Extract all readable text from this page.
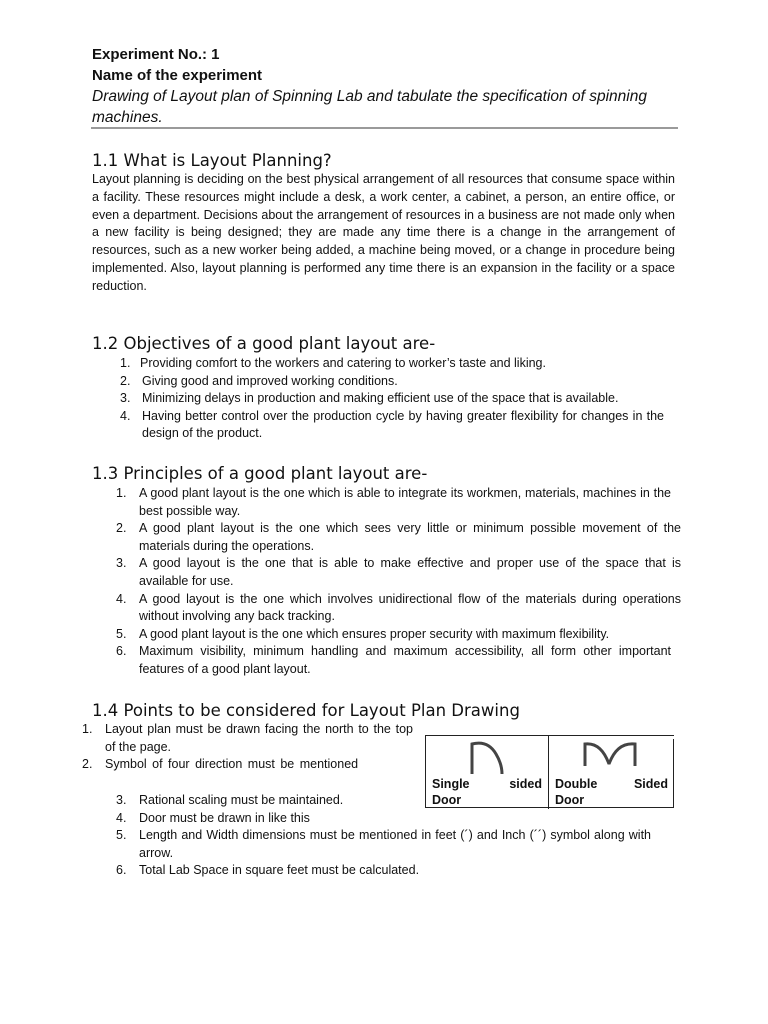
Experiment No.: 1
Name of the experiment
Drawing of Layout plan of Spinning Lab and tabulate the specification of spinning machines.
1.1 What is Layout Planning?
Layout planning is deciding on the best physical arrangement of all resources that consume space within a facility. These resources might include a desk, a work center, a cabinet, a person, an entire office, or even a department. Decisions about the arrangement of resources in a business are not made only when a new facility is being designed; they are made any time there is a change in the arrangement of resources, such as a new worker being added, a machine being moved, or a change in procedure being implemented. Also, layout planning is performed any time there is an expansion in the facility or a space reduction.
1.2 Objectives of a good plant layout are-
1. Providing comfort to the workers and catering to worker’s taste and liking.
2. Giving good and improved working conditions.
3. Minimizing delays in production and making efficient use of the space that is available.
4. Having better control over the production cycle by having greater flexibility for changes in the design of the product.
1.3 Principles of a good plant layout are-
1. A good plant layout is the one which is able to integrate its workmen, materials, machines in the best possible way.
2. A good plant layout is the one which sees very little or minimum possible movement of the materials during the operations.
3. A good layout is the one that is able to make effective and proper use of the space that is available for use.
4. A good layout is the one which involves unidirectional flow of the materials during operations without involving any back tracking.
5. A good plant layout is the one which ensures proper security with maximum flexibility.
6. Maximum visibility, minimum handling and maximum accessibility, all form other important features of a good plant layout.
1.4 Points to be considered for Layout Plan Drawing
1. Layout plan must be drawn facing the north to the top of the page.
2. Symbol of four direction must be mentioned
3. Rational scaling must be maintained.
4. Door must be drawn in like this
5. Length and Width dimensions must be mentioned in feet (´) and Inch (´´) symbol along with arrow.
6. Total Lab Space in square feet must be calculated.
Single	sided
Door
Double	Sided
Door
